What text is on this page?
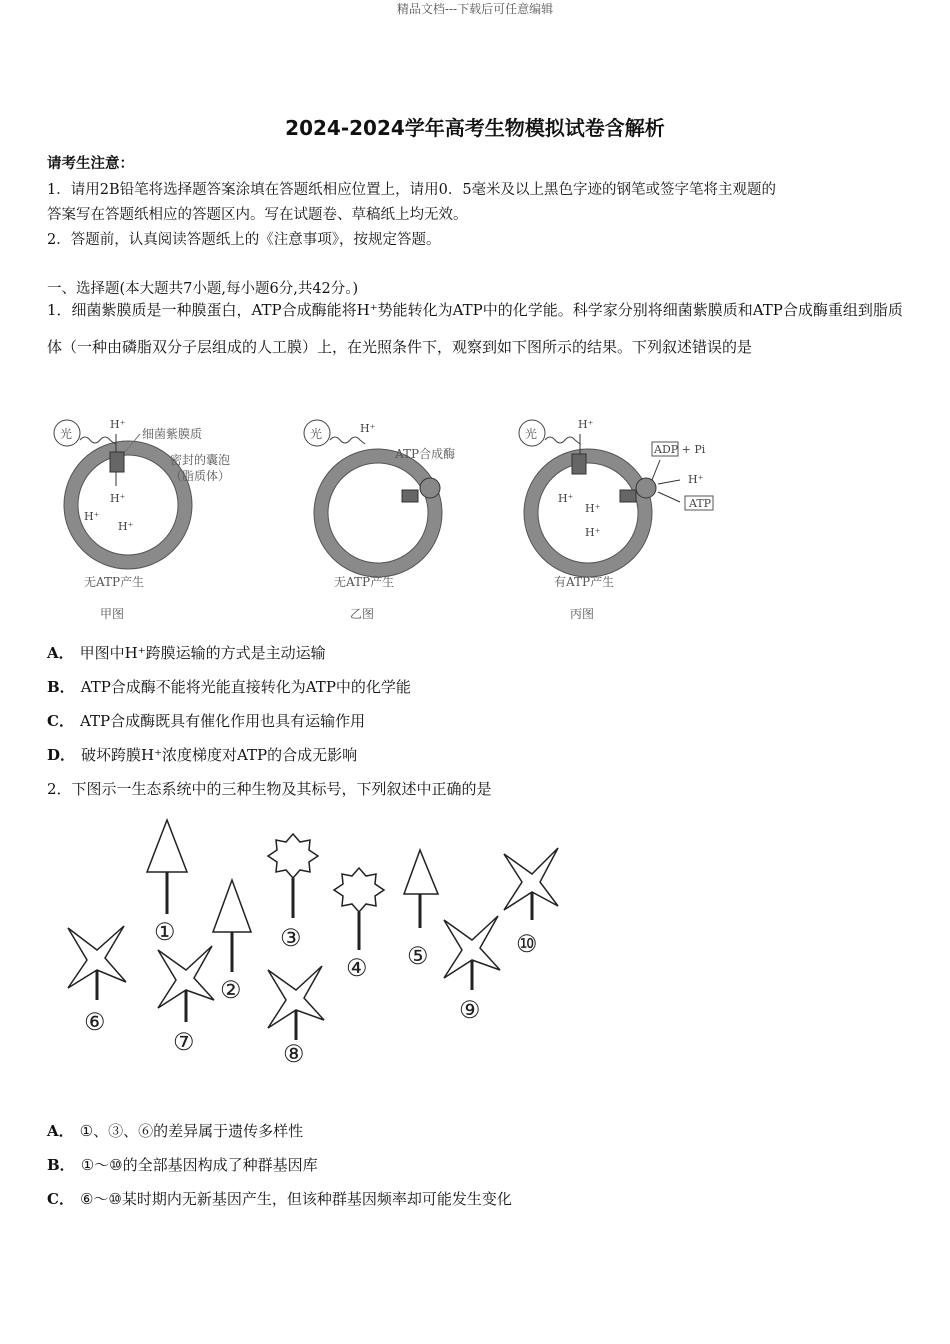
精品文档---下载后可任意编辑
2024-2024学年高考生物模拟试卷含解析
请考生注意：
1．请用2B铅笔将选择题答案涂填在答题纸相应位置上，请用0．5毫米及以上黑色字迹的钢笔或签字笔将主观题的
答案写在答题纸相应的答题区内。写在试题卷、草稿纸上均无效。
2．答题前，认真阅读答题纸上的《注意事项》，按规定答题。
一、选择题(本大题共7小题,每小题6分,共42分。)
1．细菌紫膜质是一种膜蛋白，ATP合成酶能将H⁺势能转化为ATP中的化学能。科学家分别将细菌紫膜质和ATP合成酶重组到脂质体（一种由磷脂双分子层组成的人工膜）上，在光照条件下，观察到如下图所示的结果。下列叙述错误的是
光
H⁺
细菌紫膜质
密封的囊泡
（脂质体）
H⁺
H⁺
H⁺
无ATP产生
甲图
光	H⁺
ATP合成酶
无ATP产生
乙图
光
H⁺
H⁺
H⁺
H⁺
ADP + Pi
H⁺
ATP
有ATP产生
丙图
A． 甲图中H⁺跨膜运输的方式是主动运输
B． ATP合成酶不能将光能直接转化为ATP中的化学能
C． ATP合成酶既具有催化作用也具有运输作用
D． 破坏跨膜H⁺浓度梯度对ATP的合成无影响
2．下图示一生态系统中的三种生物及其标号，下列叙述中正确的是
①
②
③
④ ⑤
⑥
⑦	⑧
⑨
⑩
A． ①、③、⑥的差异属于遗传多样性
B． ①～⑩的全部基因构成了种群基因库
C． ⑥～⑩某时期内无新基因产生，但该种群基因频率却可能发生变化
